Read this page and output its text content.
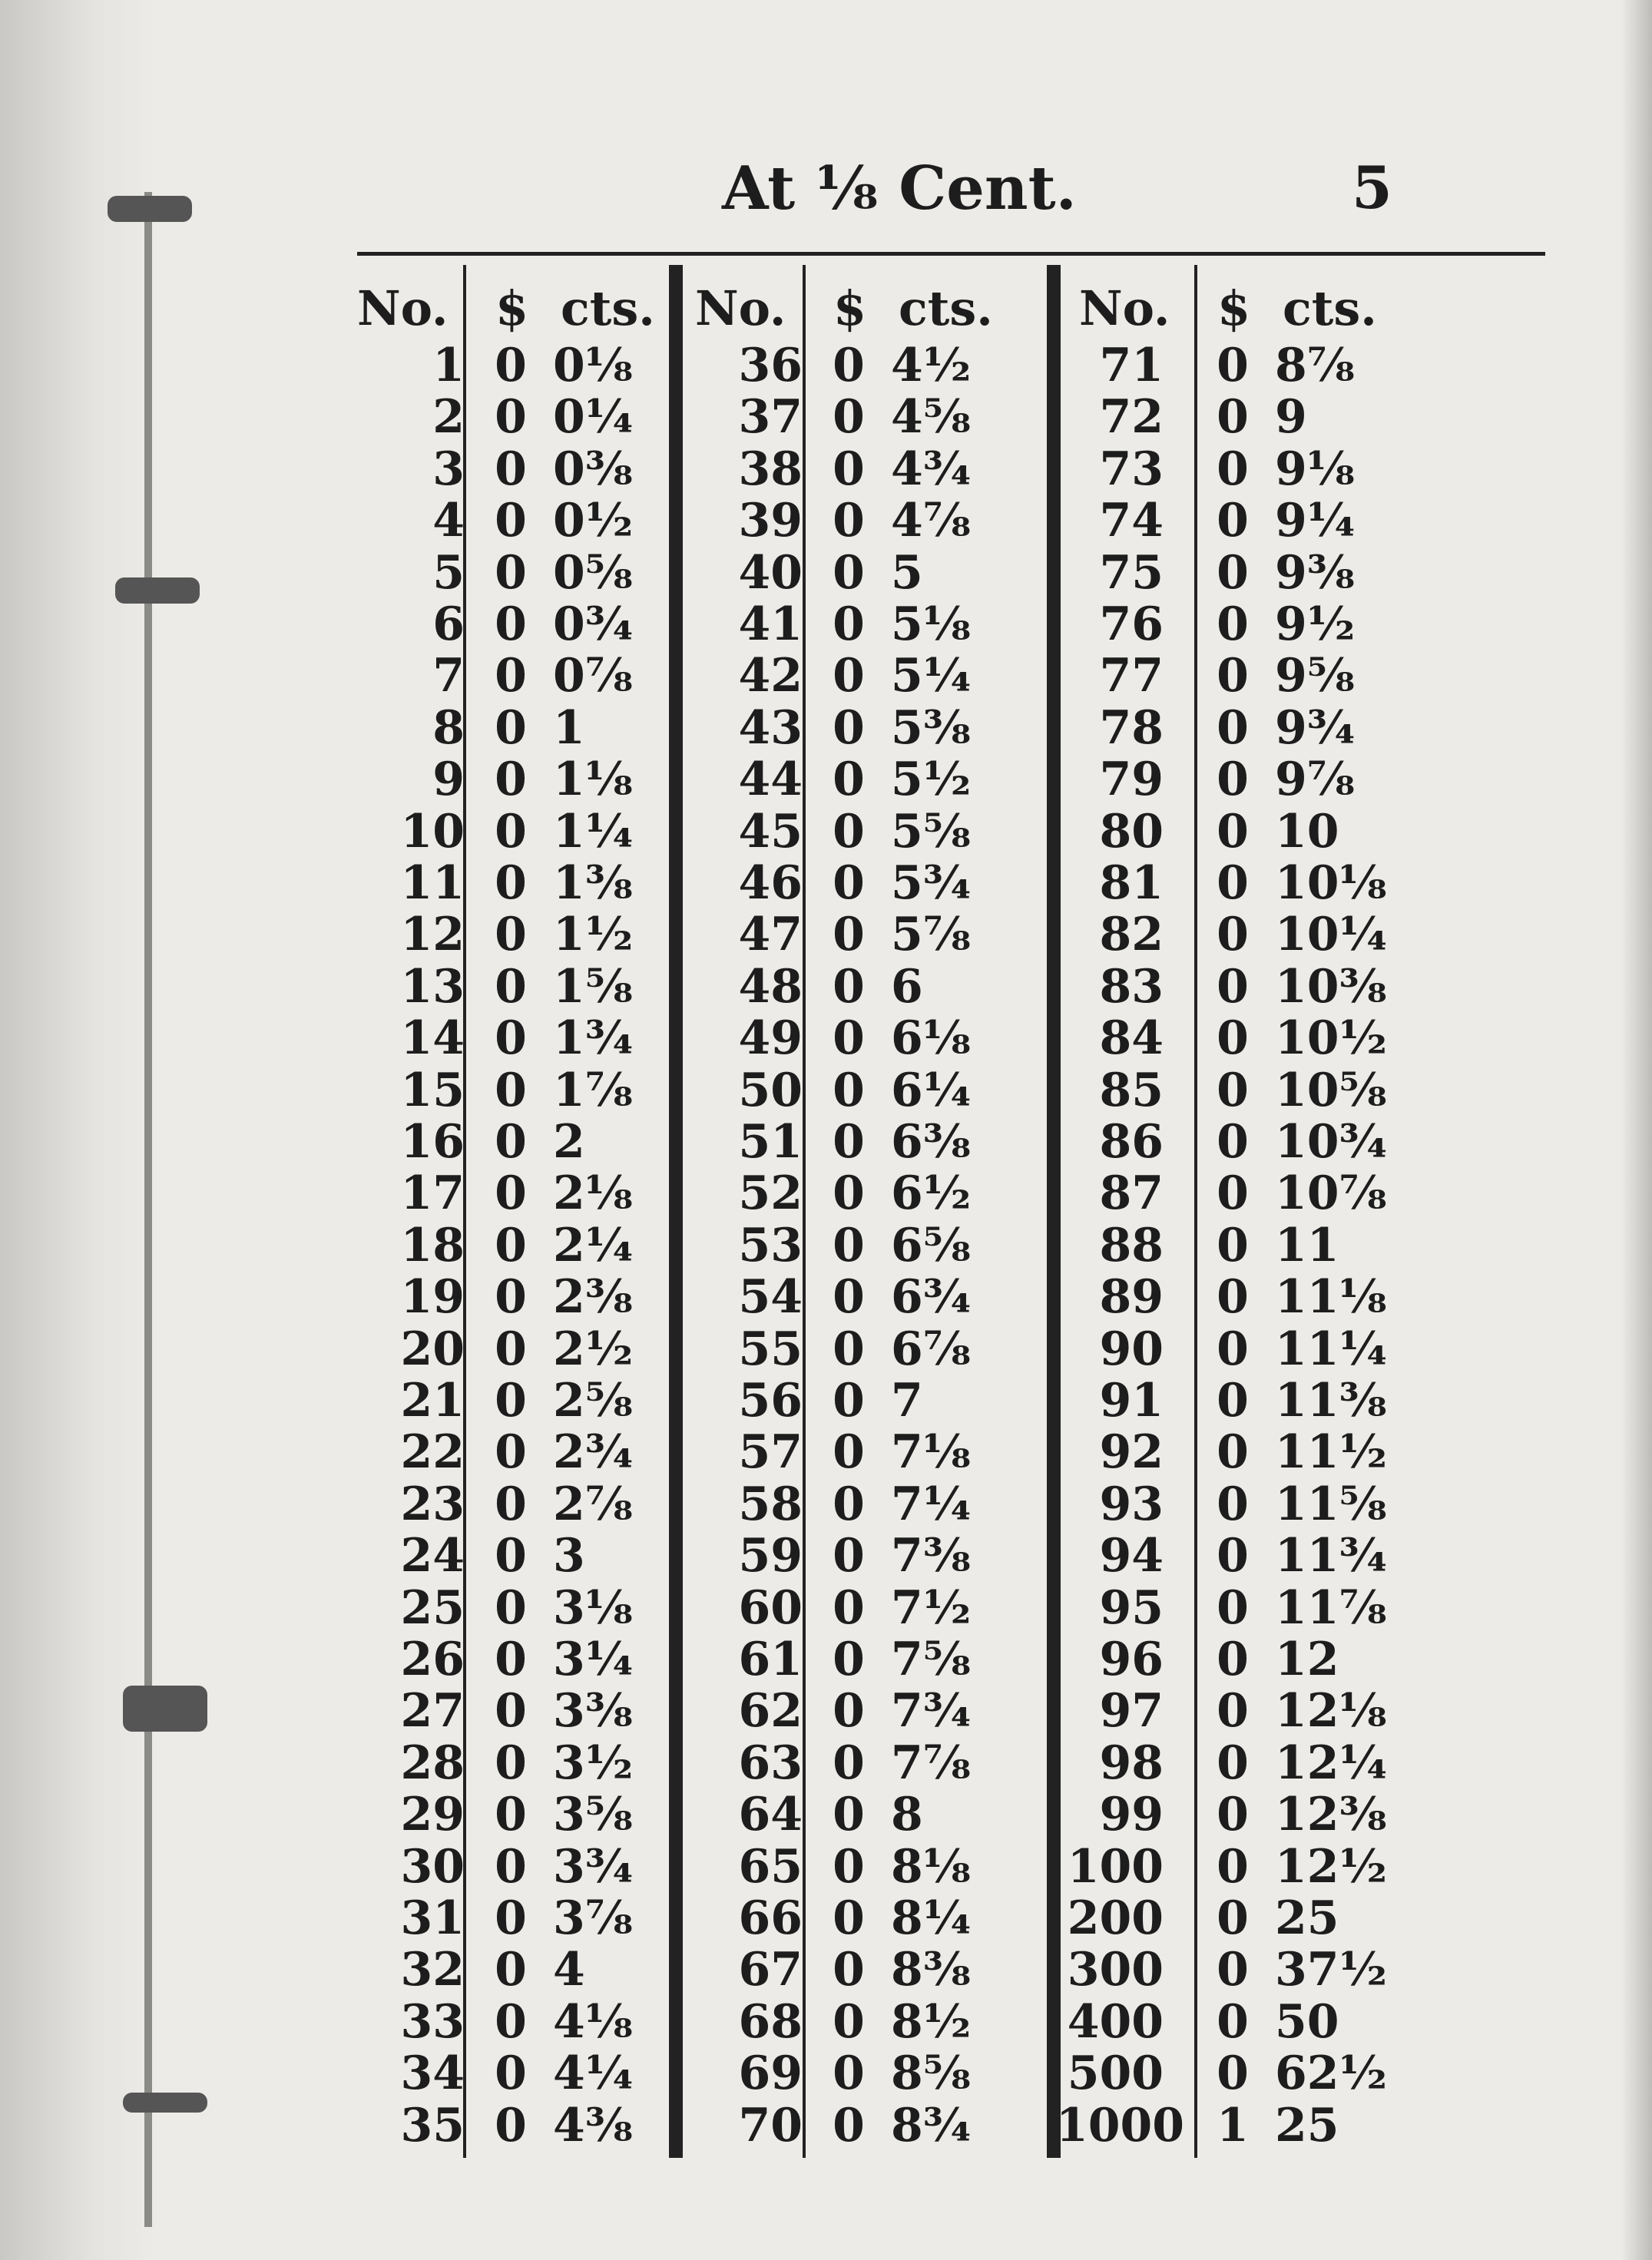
At ⅛ Cent.	5
No. $ cts.
1 0 0⅛
2 0 0¼
3 0 0⅜
4 0 0½
5 0 0⅝
6 0 0¾
7 0 0⅞
8 0 1
9 0 1⅛
10 0 1¼
11 0 1⅜
12 0 1½
13 0 1⅝
14 0 1¾
15 0 1⅞
16 0 2
17 0 2⅛
18 0 2¼
19 0 2⅜
20 0 2½
21 0 2⅝
22 0 2¾
23 0 2⅞
24 0 3
25 0 3⅛
26 0 3¼
27 0 3⅜
28 0 3½
29 0 3⅝
30 0 3¾
31 0 3⅞
32 0 4
33 0 4⅛
34 0 4¼
35 0 4⅜
No. $ cts.
36 0 4½
37 0 4⅝
38 0 4¾
39 0 4⅞
40 0 5
41 0 5⅛
42 0 5¼
43 0 5⅜
44 0 5½
45 0 5⅝
46 0 5¾
47 0 5⅞
48 0 6
49 0 6⅛
50 0 6¼
51 0 6⅜
52 0 6½
53 0 6⅝
54 0 6¾
55 0 6⅞
56 0 7
57 0 7⅛
58 0 7¼
59 0 7⅜
60 0 7½
61 0 7⅝
62 0 7¾
63 0 7⅞
64 0 8
65 0 8⅛
66 0 8¼
67 0 8⅜
68 0 8½
69 0 8⅝
70 0 8¾
No. $ cts.
71 0 8⅞
72 0 9
73 0 9⅛
74 0 9¼
75 0 9⅜
76 0 9½
77 0 9⅝
78 0 9¾
79 0 9⅞
80 0 10
81 0 10⅛
82 0 10¼
83 0 10⅜
84 0 10½
85 0 10⅝
86 0 10¾
87 0 10⅞
88 0 11
89 0 11⅛
90 0 11¼
91 0 11⅜
92 0 11½
93 0 11⅝
94 0 11¾
95 0 11⅞
96 0 12
97 0 12⅛
98 0 12¼
99 0 12⅜
100 0 12½
200 0 25
300 0 37½
400 0 50
500 0 62½
1000 1 25
